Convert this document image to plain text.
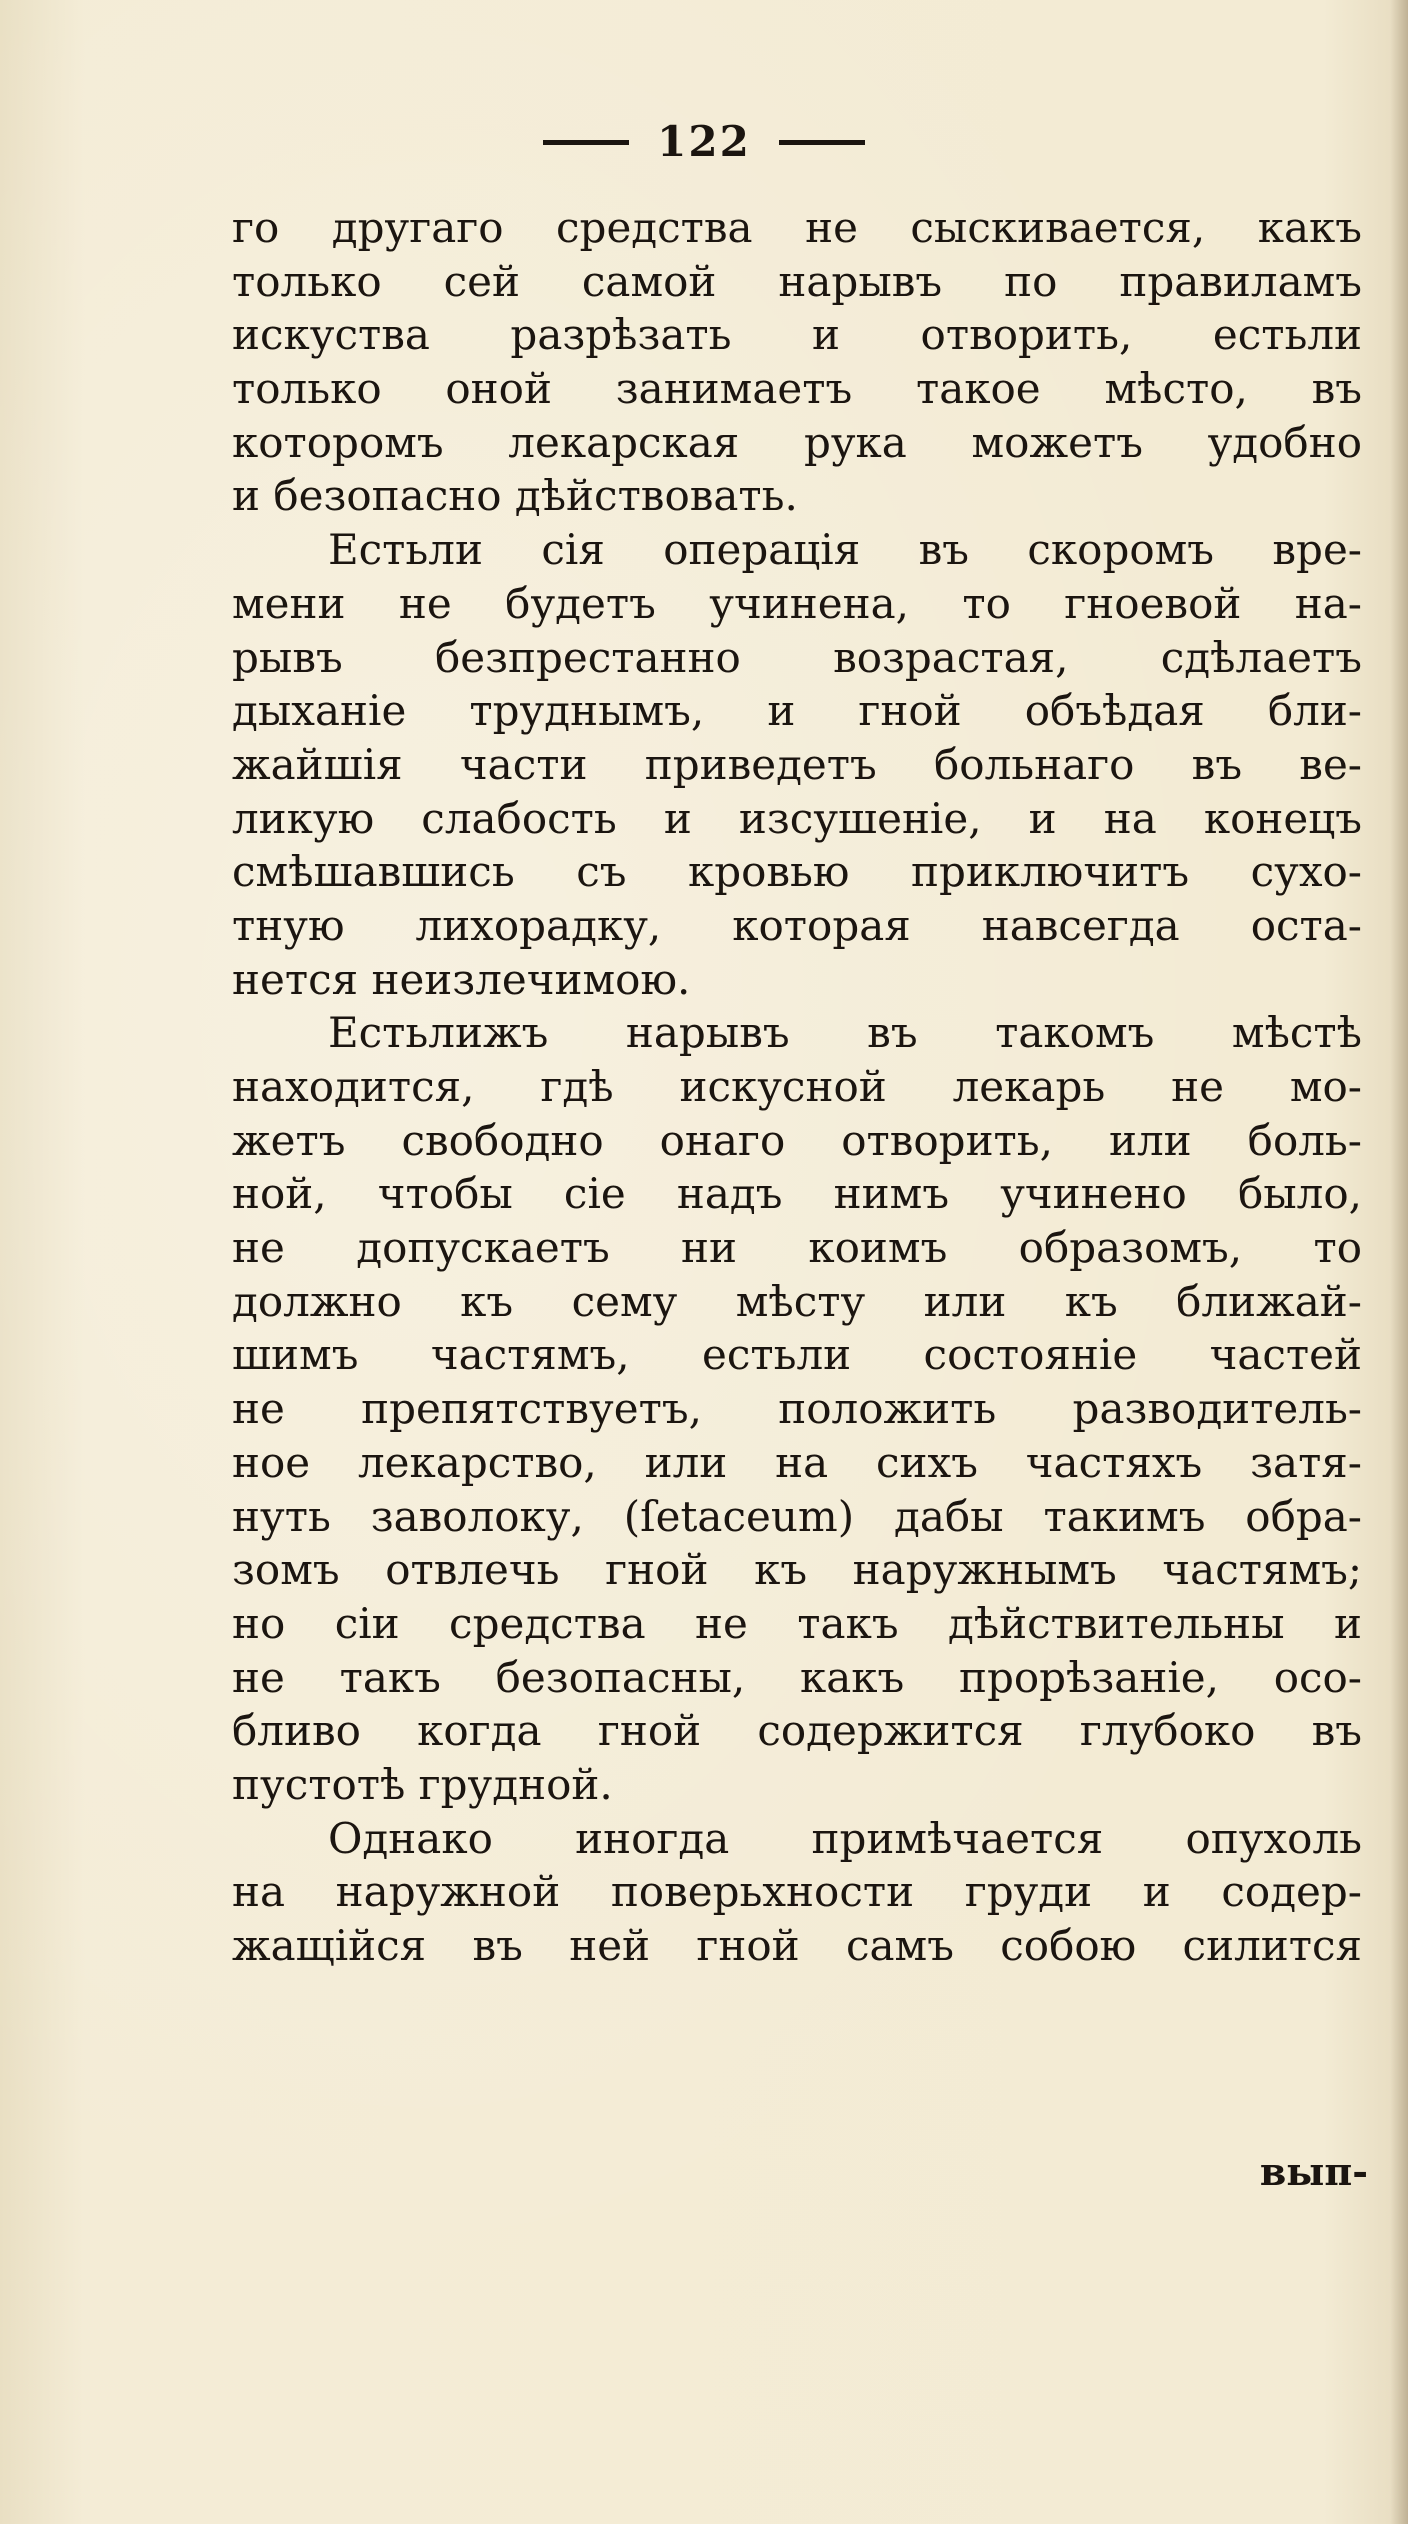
122
го другаго средства не сыскивается, какъ
только сей самой нарывъ по правиламъ
искуства разрѣзать и отворить, естьли
только оной занимаетъ такое мѣсто, въ
которомъ лекарская рука можетъ удобно
и безопасно дѣйствовать.
Естьли сія операція въ скоромъ вре-
мени не будетъ учинена, то гноевой на-
рывъ безпрестанно возрастая, сдѣлаетъ
дыханіе труднымъ, и гной объѣдая бли-
жайшія части приведетъ больнаго въ ве-
ликую слабость и изсушеніе, и на конецъ
смѣшавшись съ кровью приключитъ сухо-
тную лихорадку, которая навсегда оста-
нется неизлечимою.
Естьлижъ нарывъ въ такомъ мѣстѣ
находится, гдѣ искусной лекарь не мо-
жетъ свободно онаго отворить, или боль-
ной, чтобы сіе надъ нимъ учинено было,
не допускаетъ ни коимъ образомъ, то
должно къ сему мѣсту или къ ближай-
шимъ частямъ, естьли состояніе частей
не препятствуетъ, положить разводитель-
ное лекарство, или на сихъ частяхъ затя-
нуть заволоку, (ſetaceum) дабы такимъ обра-
зомъ отвлечь гной къ наружнымъ частямъ;
но сіи средства не такъ дѣйствительны и
не такъ безопасны, какъ прорѣзаніе, осо-
бливо когда гной содержится глубоко въ
пустотѣ грудной.
Однако иногда примѣчается опухоль
на наружной поверьхности груди и содер-
жащійся въ ней гной самъ собою силится
вып-
